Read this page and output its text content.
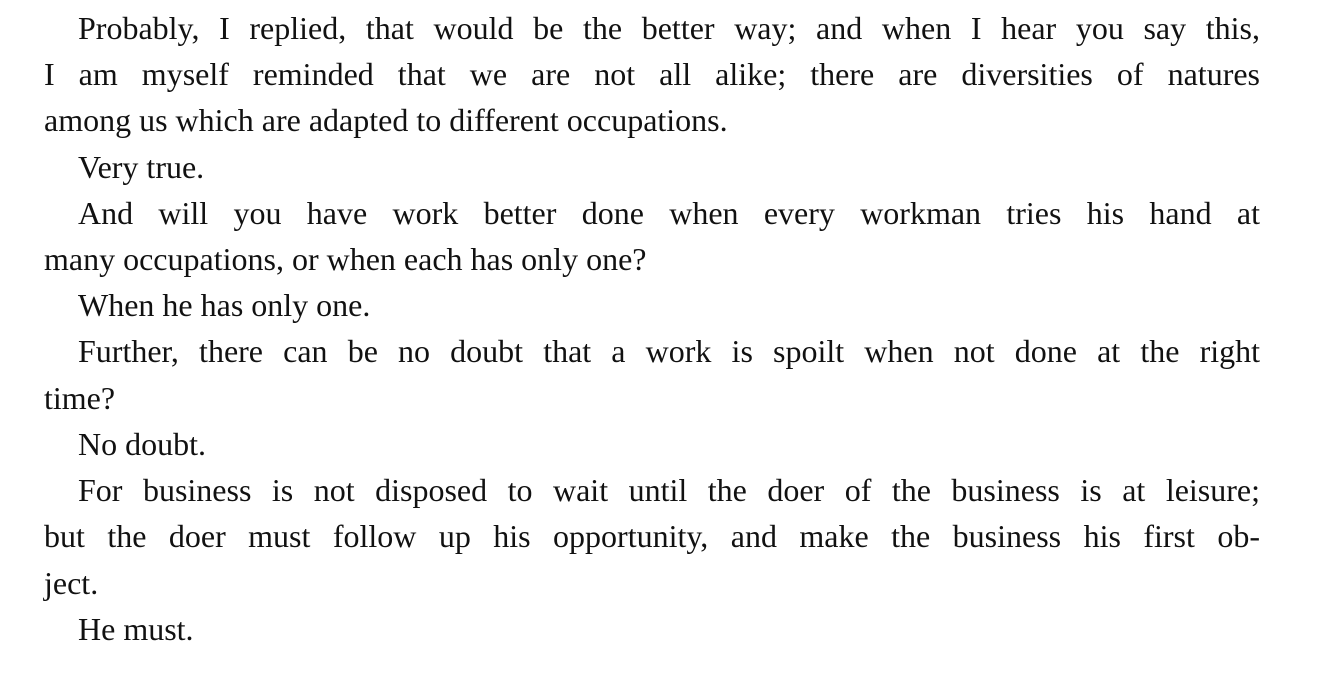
Probably, I replied, that would be the better way; and when I hear you say this,
I am myself reminded that we are not all alike; there are diversities of natures
among us which are adapted to different occupations.
Very true.
And will you have work better done when every workman tries his hand at
many occupations, or when each has only one?
When he has only one.
Further, there can be no doubt that a work is spoilt when not done at the right
time?
No doubt.
For business is not disposed to wait until the doer of the business is at leisure;
but the doer must follow up his opportunity, and make the business his first ob-
ject.
He must.
